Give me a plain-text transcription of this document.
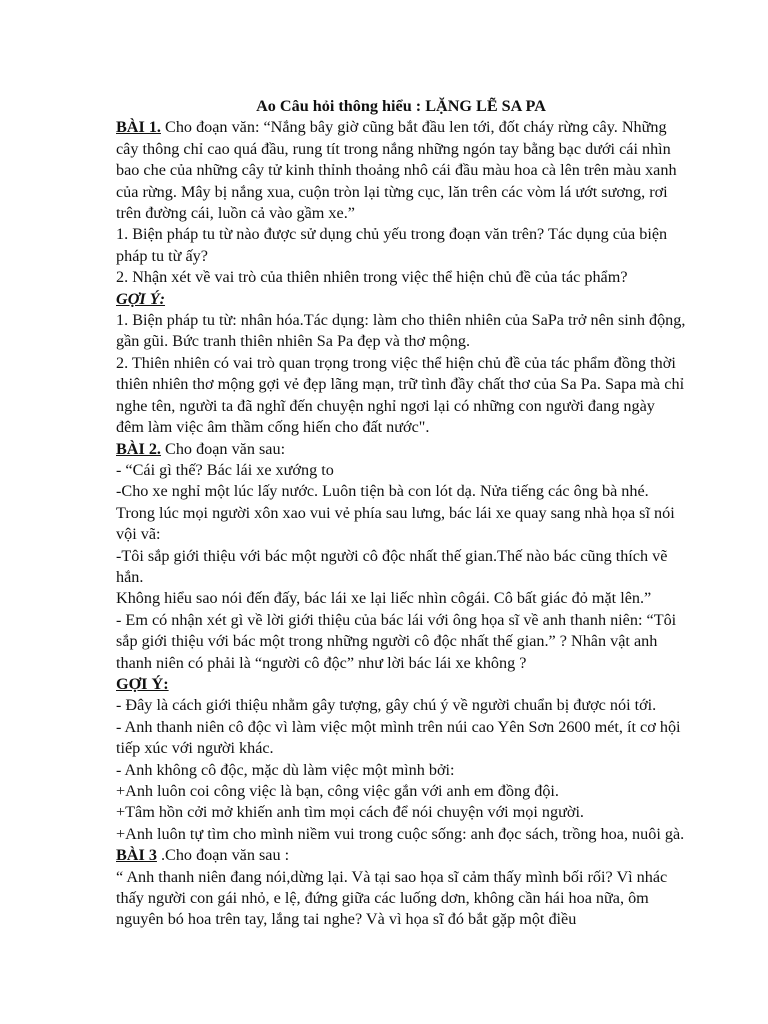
Ao Câu hỏi thông hiểu : LẶNG LẼ SA PA

BÀI 1. Cho đoạn văn: “Nắng bây giờ cũng bắt đầu len tới, đốt cháy rừng cây. Những cây thông chỉ cao quá đầu, rung tít trong nắng những ngón tay bằng bạc dưới cái nhìn bao che của những cây tử kinh thỉnh thoảng nhô cái đầu màu hoa cà lên trên màu xanh của rừng. Mây bị nắng xua, cuộn tròn lại từng cục, lăn trên các vòm lá ướt sương, rơi trên đường cái, luồn cả vào gầm xe.”

1. Biện pháp tu từ nào được sử dụng chủ yếu trong đoạn văn trên? Tác dụng của biện pháp tu từ ấy?

2. Nhận xét về vai trò của thiên nhiên trong việc thể hiện chủ đề của tác phẩm?

GỢI Ý:

1. Biện pháp tu từ: nhân hóa.Tác dụng: làm cho thiên nhiên của SaPa trở nên sinh động, gần gũi. Bức tranh thiên nhiên Sa Pa đẹp và thơ mộng.

2. Thiên nhiên có vai trò quan trọng trong việc thể hiện chủ đề của tác phẩm đồng thời thiên nhiên thơ mộng gợi vẻ đẹp lãng mạn, trữ tình đầy chất thơ của Sa Pa. Sapa mà chỉ nghe tên, người ta đã nghĩ đến chuyện nghỉ ngơi lại có những con người đang ngày đêm làm việc âm thầm cống hiến cho đất nước".

BÀI 2. Cho đoạn văn sau:

- “Cái gì thế? Bác lái xe xướng to

-Cho xe nghỉ một lúc lấy nước. Luôn tiện bà con lót dạ. Nửa tiếng các ông bà nhé. Trong lúc mọi người xôn xao vui vẻ phía sau lưng, bác lái xe quay sang nhà họa sĩ nói vội vã:

-Tôi sắp giới thiệu với bác một người cô độc nhất thế gian.Thế nào bác cũng thích vẽ hắn.

Không hiểu sao nói đến đấy, bác lái xe lại liếc nhìn côgái. Cô bất giác đỏ mặt lên.”

- Em có nhận xét gì về lời giới thiệu của bác lái với ông họa sĩ về anh thanh niên: “Tôi sắp giới thiệu với bác một trong những người cô độc nhất thế gian.” ? Nhân vật anh thanh niên có phải là “người cô độc” như lời bác lái xe không ?

GỢI Ý:

- Đây là cách giới thiệu nhằm gây tượng, gây chú ý về người chuẩn bị được nói tới.

- Anh thanh niên cô độc vì làm việc một mình trên núi cao Yên Sơn 2600 mét, ít cơ hội tiếp xúc với người khác.

- Anh không cô độc, mặc dù làm việc một mình bởi:

+Anh luôn coi công việc là bạn, công việc gắn với anh em đồng đội.

+Tâm hồn cởi mở khiến anh tìm mọi cách để nói chuyện với mọi người.

+Anh luôn tự tìm cho mình niềm vui trong cuộc sống: anh đọc sách, trồng hoa, nuôi gà.

BÀI 3 .Cho đoạn văn sau :

“ Anh thanh niên đang nói,dừng lại. Và tại sao họa sĩ cảm thấy mình bối rối? Vì nhác thấy người con gái nhỏ, e lệ, đứng giữa các luống dơn, không cần hái hoa nữa, ôm nguyên bó hoa trên tay, lắng tai nghe? Và vì họa sĩ đó bắt gặp một điều
